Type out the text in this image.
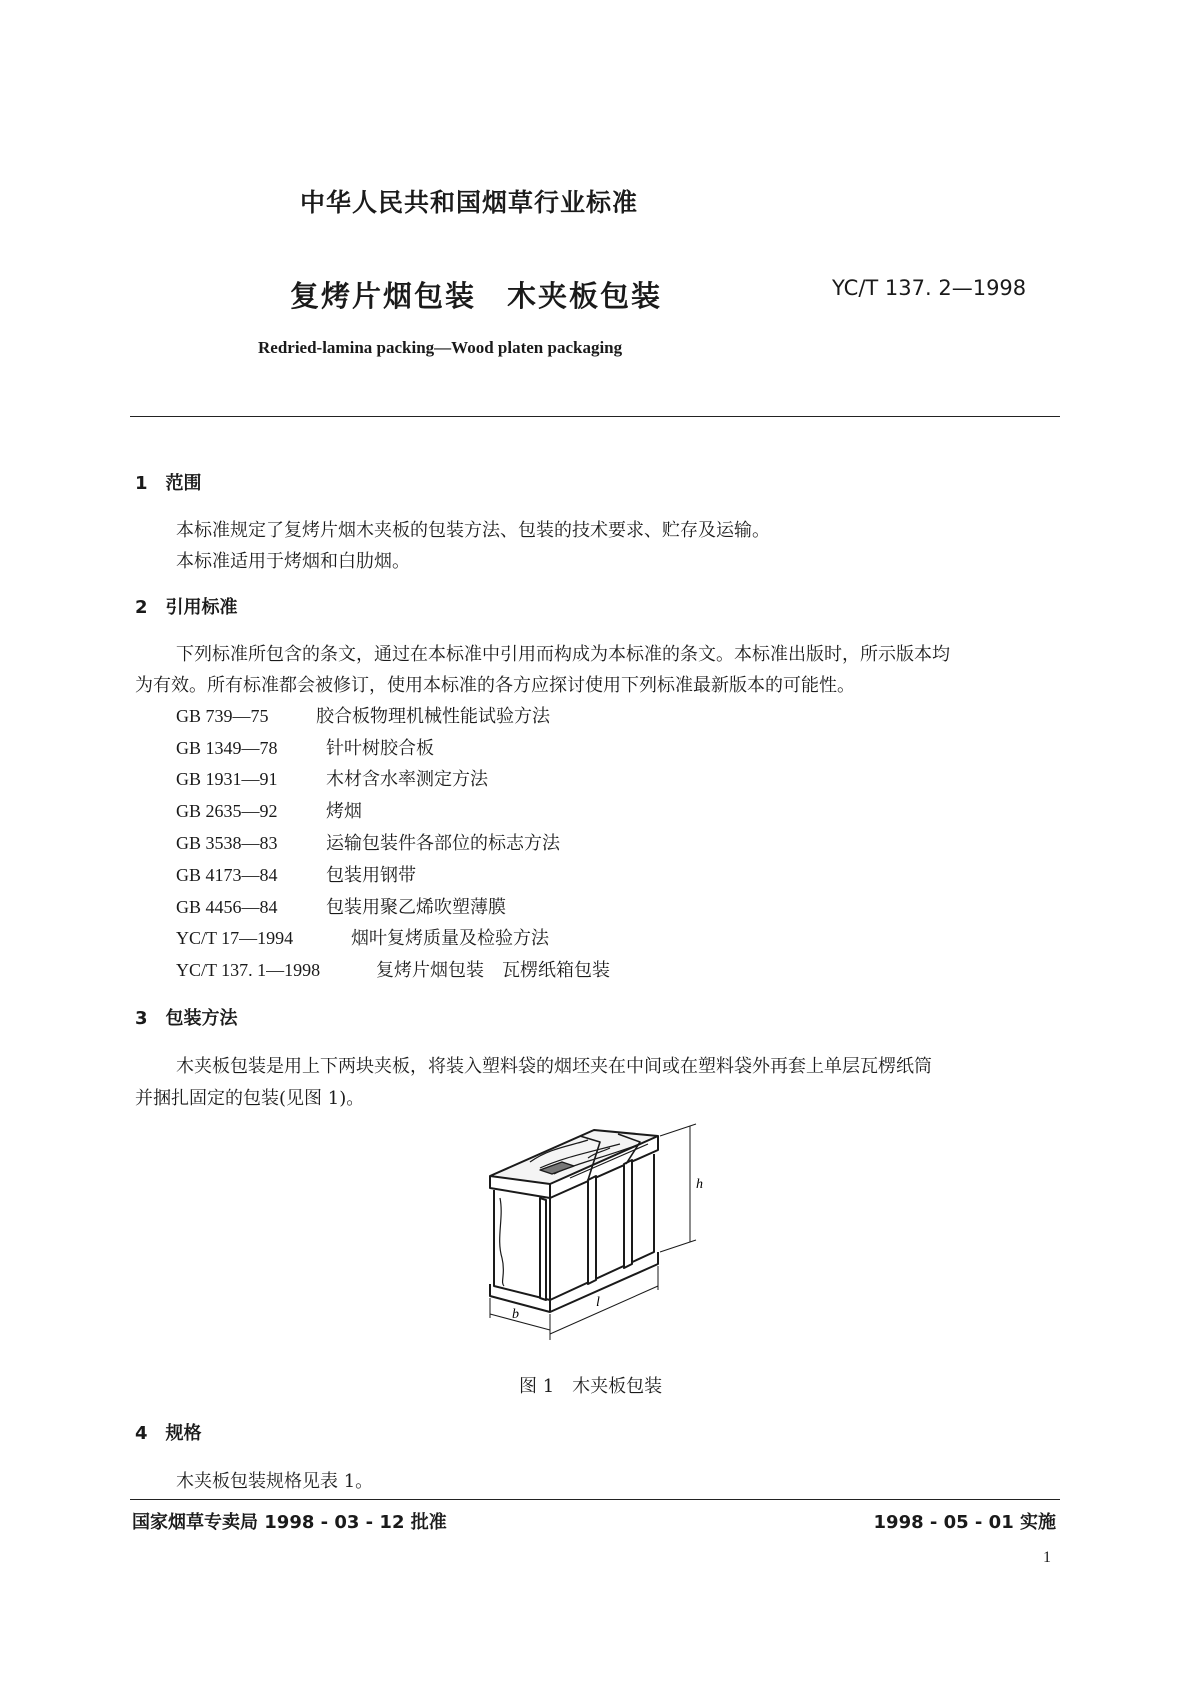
中华人民共和国烟草行业标准
复烤片烟包装　木夹板包装	YC/T 137. 2—1998
Redried-lamina packing—Wood platen packaging
1　范围
本标准规定了复烤片烟木夹板的包装方法、包装的技术要求、贮存及运输。
本标准适用于烤烟和白肋烟。
2　引用标准
下列标准所包含的条文，通过在本标准中引用而构成为本标准的条文。本标准出版时，所示版本均
为有效。所有标准都会被修订，使用本标准的各方应探讨使用下列标准最新版本的可能性。
GB 739—75	胶合板物理机械性能试验方法
GB 1349—78	针叶树胶合板
GB 1931—91	木材含水率测定方法
GB 2635—92	烤烟
GB 3538—83	运输包装件各部位的标志方法
GB 4173—84	包装用钢带
GB 4456—84	包装用聚乙烯吹塑薄膜
YC/T 17—1994	烟叶复烤质量及检验方法
YC/T 137. 1—1998	复烤片烟包装　瓦楞纸箱包装
3　包装方法
木夹板包装是用上下两块夹板，将装入塑料袋的烟坯夹在中间或在塑料袋外再套上单层瓦楞纸筒
并捆扎固定的包装(见图 1)。
h
b
l
图 1　木夹板包装
4　规格
木夹板包装规格见表 1。
国家烟草专卖局 1998 - 03 - 12 批准	1998 - 05 - 01 实施
1
